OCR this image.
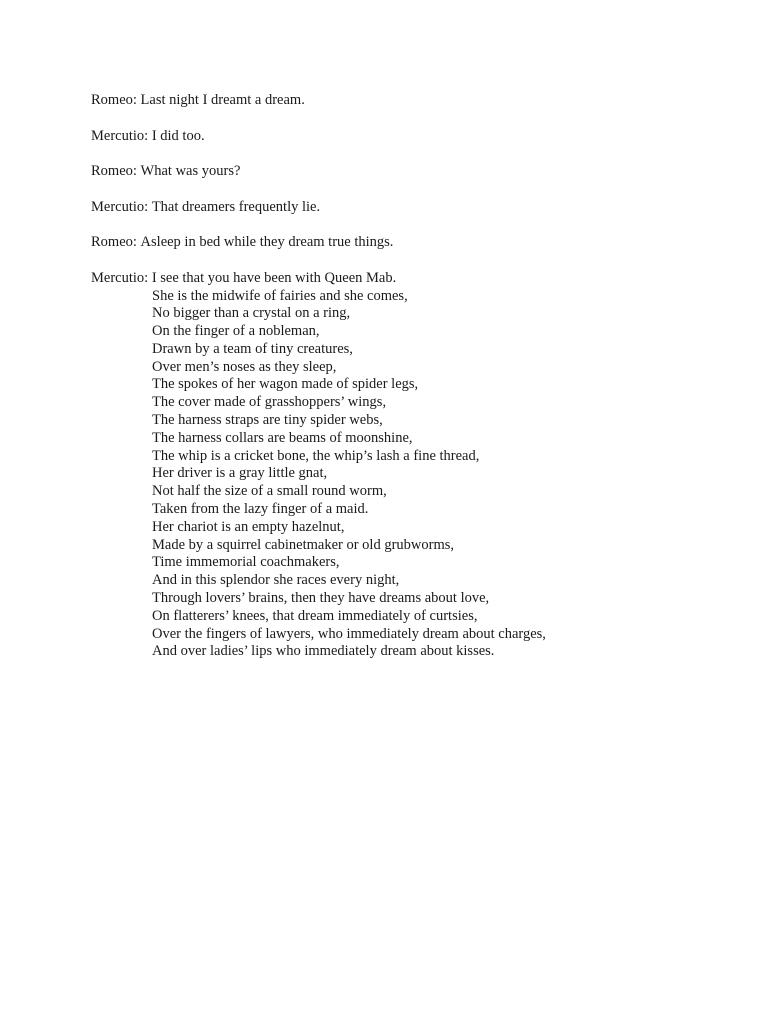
Romeo:
Last night I dreamt a dream.
Mercutio:
I did too.
Romeo:
What was yours?
Mercutio:
That dreamers frequently lie.
Romeo:
Asleep in bed while they dream true things.
Mercutio: I see that you have been with Queen Mab.
She is the midwife of fairies and she comes,
No bigger than a crystal on a ring,
On the finger of a nobleman,
Drawn by a team of tiny creatures,
Over men’s noses as they sleep,
The spokes of her wagon made of spider legs,
The cover made of grasshoppers’ wings,
The harness straps are tiny spider webs,
The harness collars are beams of moonshine,
The whip is a cricket bone, the whip’s lash a fine thread,
Her driver is a gray little gnat,
Not half the size of a small round worm,
Taken from the lazy finger of a maid.
Her chariot is an empty hazelnut,
Made by a squirrel cabinetmaker or old grubworms,
Time immemorial coachmakers,
And in this splendor she races every night,
Through lovers’ brains, then they have dreams about love,
On flatterers’ knees, that dream immediately of curtsies,
Over the fingers of lawyers, who immediately dream about charges,
And over ladies’ lips who immediately dream about kisses.
